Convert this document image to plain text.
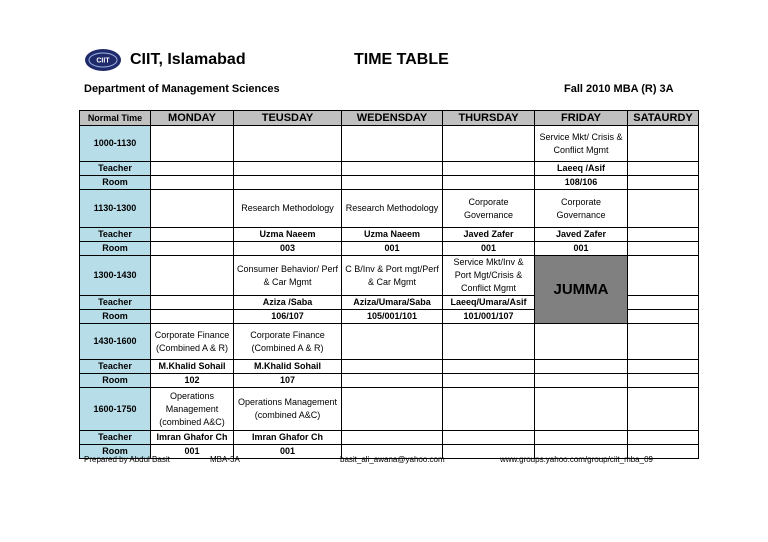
CIIT CIIT, Islamabad	TIME TABLE
Department of Management Sciences	Fall 2010 MBA (R) 3A
Normal Time	MONDAY	TEUSDAY	WEDENSDAY	THURSDAY	FRIDAY	SATAURDY
1000-1130					Service Mkt/ Crisis & Conflict Mgmt	
Teacher					Laeeq /Asif	
Room					108/106	
1130-1300		Research Methodology	Research Methodology	Corporate Governance	Corporate Governance	
Teacher		Uzma Naeem	Uzma Naeem	Javed Zafer	Javed Zafer	
Room		003	001	001	001	
1300-1430		Consumer Behavior/ Perf & Car Mgmt	C B/Inv & Port mgt/Perf & Car Mgmt	Service Mkt/Inv & Port Mgt/Crisis & Conflict Mgmt	JUMMA	
Teacher		Aziza /Saba	Aziza/Umara/Saba	Laeeq/Umara/Asif		
Room		106/107	105/001/101	101/001/107		
1430-1600	Corporate Finance (Combined A & R)	Corporate Finance (Combined A & R)				
Teacher	M.Khalid Sohail	M.Khalid Sohail				
Room	102	107				
1600-1750	Operations Management (combined A&C)	Operations Management (combined A&C)				
Teacher	Imran Ghafor Ch	Imran Ghafor Ch				
Room	001	001				
Prepared by Abdul Basit	MBA-3A	basit_ali_awana@yahoo.com	www.groups.yahoo.com/group/ciit_mba_09
